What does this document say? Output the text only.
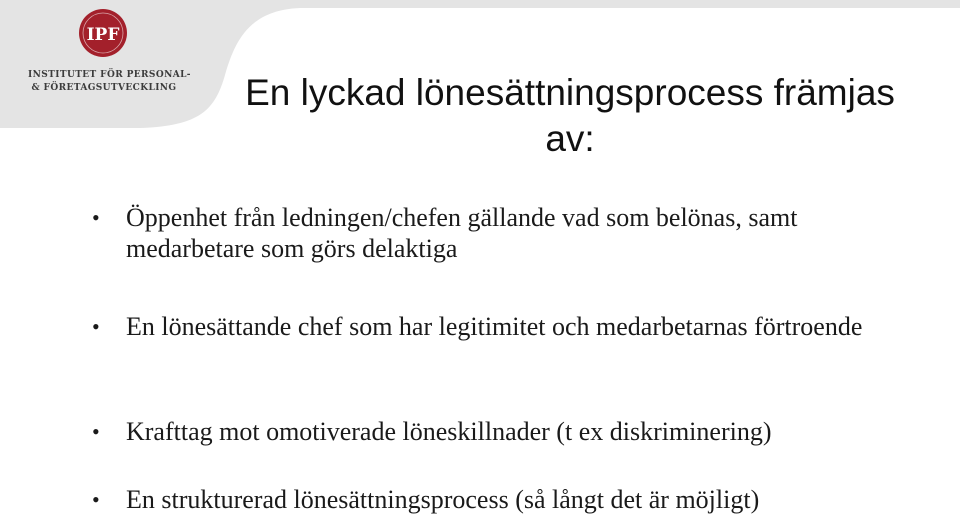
IPF
INSTITUTET FÖR PERSONAL-
& FÖRETAGSUTVECKLING En lyckad lönesättningsprocess främjas av:
• Öppenhet från ledningen/chefen gällande vad som belönas, samt medarbetare som görs delaktiga
• En lönesättande chef som har legitimitet och medarbetarnas förtroende
• Krafttag mot omotiverade löneskillnader (t ex diskriminering)
• En strukturerad lönesättningsprocess (så långt det är möjligt)
